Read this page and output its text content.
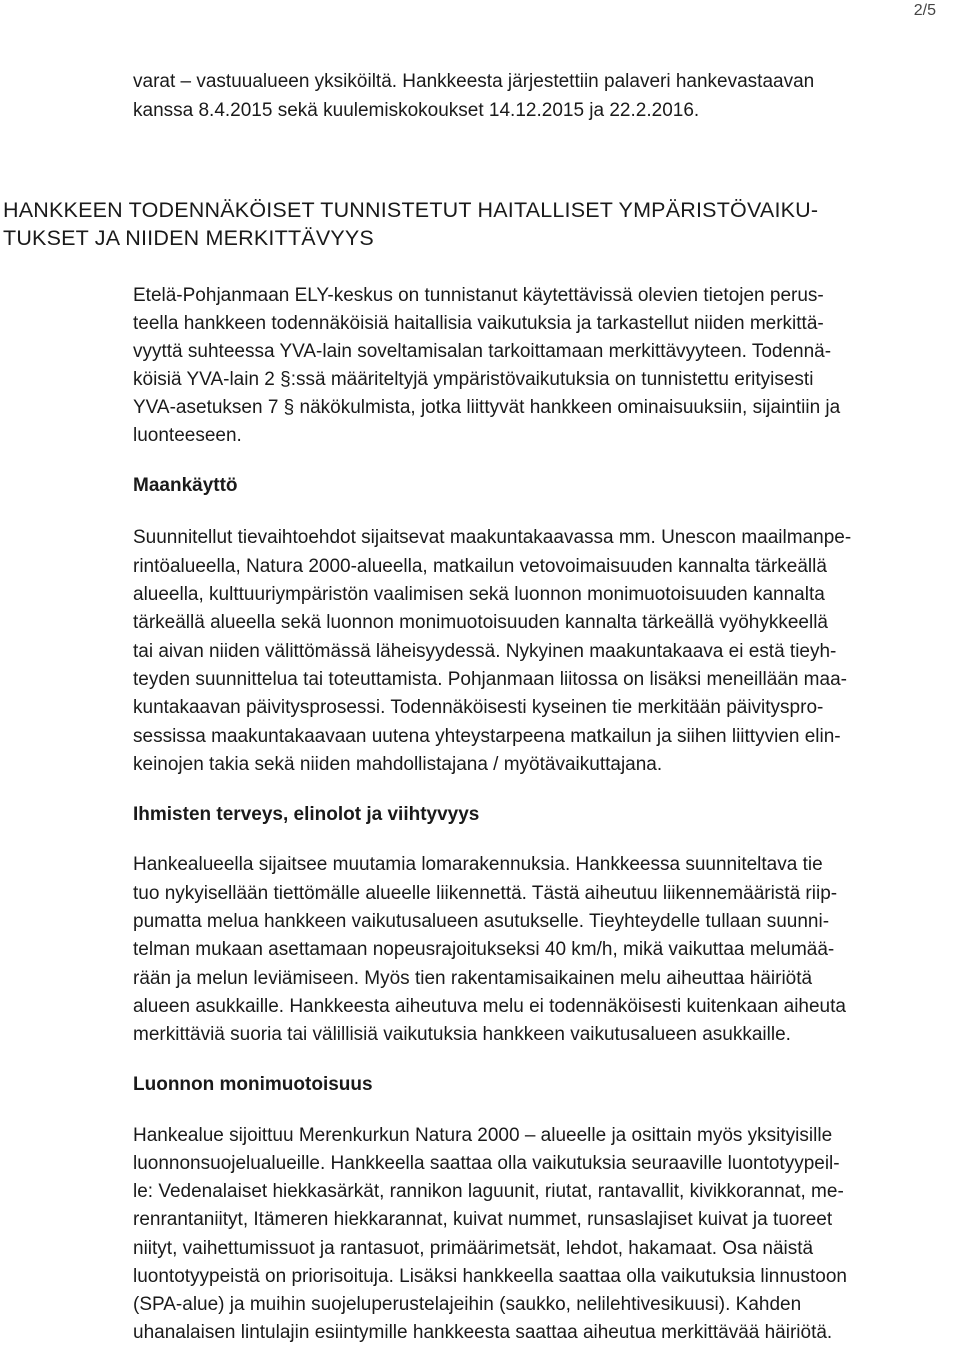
2/5
varat – vastuualueen yksiköiltä. Hankkeesta järjestettiin palaveri hankevastaavan
kanssa 8.4.2015 sekä kuulemiskokoukset 14.12.2015 ja 22.2.2016.
HANKKEEN TODENNÄKÖISET TUNNISTETUT HAITALLISET YMPÄRISTÖVAIKU-
TUKSET JA NIIDEN MERKITTÄVYYS
Etelä-Pohjanmaan ELY-keskus on tunnistanut käytettävissä olevien tietojen perus-
teella hankkeen todennäköisiä haitallisia vaikutuksia ja tarkastellut niiden merkittä-
vyyttä suhteessa YVA-lain soveltamisalan tarkoittamaan merkittävyyteen. Todennä-
köisiä YVA-lain 2 §:ssä määriteltyjä ympäristövaikutuksia on tunnistettu erityisesti
YVA-asetuksen 7 § näkökulmista, jotka liittyvät hankkeen ominaisuuksiin, sijaintiin ja
luonteeseen.
Maankäyttö
Suunnitellut tievaihtoehdot sijaitsevat maakuntakaavassa mm. Unescon maailmanpe-
rintöalueella, Natura 2000-alueella, matkailun vetovoimaisuuden kannalta tärkeällä
alueella, kulttuuriympäristön vaalimisen sekä luonnon monimuotoisuuden kannalta
tärkeällä alueella sekä luonnon monimuotoisuuden kannalta tärkeällä vyöhykkeellä
tai aivan niiden välittömässä läheisyydessä. Nykyinen maakuntakaava ei estä tieyh-
teyden suunnittelua tai toteuttamista. Pohjanmaan liitossa on lisäksi meneillään maa-
kuntakaavan päivitysprosessi. Todennäköisesti kyseinen tie merkitään päivityspro-
sessissa maakuntakaavaan uutena yhteystarpeena matkailun ja siihen liittyvien elin-
keinojen takia sekä niiden mahdollistajana / myötävaikuttajana.
Ihmisten terveys, elinolot ja viihtyvyys
Hankealueella sijaitsee muutamia lomarakennuksia. Hankkeessa suunniteltava tie
tuo nykyisellään tiettömälle alueelle liikennettä. Tästä aiheutuu liikennemääristä riip-
pumatta melua hankkeen vaikutusalueen asutukselle. Tieyhteydelle tullaan suunni-
telman mukaan asettamaan nopeusrajoitukseksi 40 km/h, mikä vaikuttaa melumää-
rään ja melun leviämiseen. Myös tien rakentamisaikainen melu aiheuttaa häiriötä
alueen asukkaille. Hankkeesta aiheutuva melu ei todennäköisesti kuitenkaan aiheuta
merkittäviä suoria tai välillisiä vaikutuksia hankkeen vaikutusalueen asukkaille.
Luonnon monimuotoisuus
Hankealue sijoittuu Merenkurkun Natura 2000 – alueelle ja osittain myös yksityisille
luonnonsuojelualueille. Hankkeella saattaa olla vaikutuksia seuraaville luontotyypeil-
le: Vedenalaiset hiekkasärkät, rannikon laguunit, riutat, rantavallit, kivikkorannat, me-
renrantaniityt, Itämeren hiekkarannat, kuivat nummet, runsaslajiset kuivat ja tuoreet
niityt, vaihettumissuot ja rantasuot, primäärimetsät, lehdot, hakamaat. Osa näistä
luontotyypeistä on priorisoituja. Lisäksi hankkeella saattaa olla vaikutuksia linnustoon
(SPA-alue) ja muihin suojeluperustelajeihin (saukko, nelilehtivesikuusi). Kahden
uhanalaisen lintulajin esiintymille hankkeesta saattaa aiheutua merkittävää häiriötä.
